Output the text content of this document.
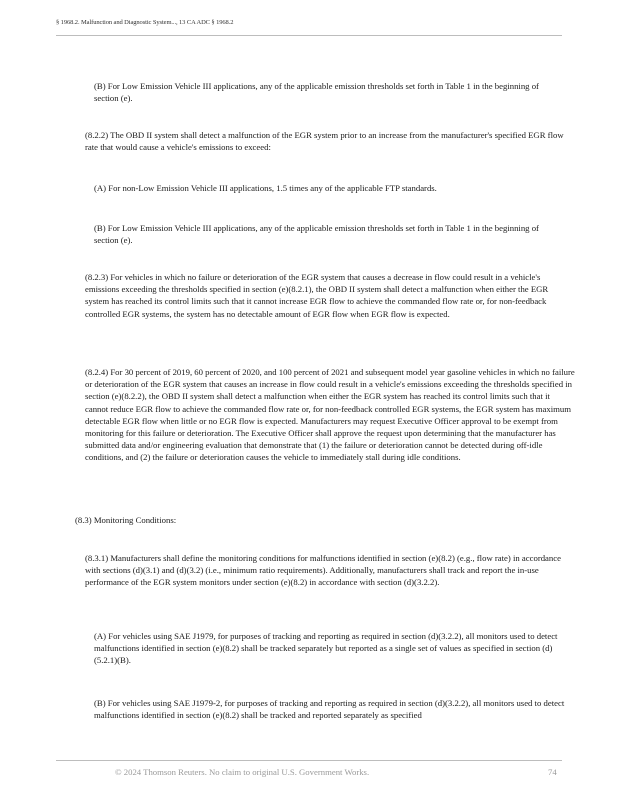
§ 1968.2. Malfunction and Diagnostic System..., 13 CA ADC § 1968.2

(B) For Low Emission Vehicle III applications, any of the applicable emission thresholds set forth in Table 1 in the beginning of section (e).

(8.2.2) The OBD II system shall detect a malfunction of the EGR system prior to an increase from the manufacturer's specified EGR flow rate that would cause a vehicle's emissions to exceed:

(A) For non-Low Emission Vehicle III applications, 1.5 times any of the applicable FTP standards.

(B) For Low Emission Vehicle III applications, any of the applicable emission thresholds set forth in Table 1 in the beginning of section (e).

(8.2.3) For vehicles in which no failure or deterioration of the EGR system that causes a decrease in flow could result in a vehicle's emissions exceeding the thresholds specified in section (e)(8.2.1), the OBD II system shall detect a malfunction when either the EGR system has reached its control limits such that it cannot increase EGR flow to achieve the commanded flow rate or, for non-feedback controlled EGR systems, the system has no detectable amount of EGR flow when EGR flow is expected.

(8.2.4) For 30 percent of 2019, 60 percent of 2020, and 100 percent of 2021 and subsequent model year gasoline vehicles in which no failure or deterioration of the EGR system that causes an increase in flow could result in a vehicle's emissions exceeding the thresholds specified in section (e)(8.2.2), the OBD II system shall detect a malfunction when either the EGR system has reached its control limits such that it cannot reduce EGR flow to achieve the commanded flow rate or, for non-feedback controlled EGR systems, the EGR system has maximum detectable EGR flow when little or no EGR flow is expected. Manufacturers may request Executive Officer approval to be exempt from monitoring for this failure or deterioration. The Executive Officer shall approve the request upon determining that the manufacturer has submitted data and/or engineering evaluation that demonstrate that (1) the failure or deterioration cannot be detected during off-idle conditions, and (2) the failure or deterioration causes the vehicle to immediately stall during idle conditions.

(8.3) Monitoring Conditions:

(8.3.1) Manufacturers shall define the monitoring conditions for malfunctions identified in section (e)(8.2) (e.g., flow rate) in accordance with sections (d)(3.1) and (d)(3.2) (i.e., minimum ratio requirements). Additionally, manufacturers shall track and report the in-use performance of the EGR system monitors under section (e)(8.2) in accordance with section (d)(3.2.2).

(A) For vehicles using SAE J1979, for purposes of tracking and reporting as required in section (d)(3.2.2), all monitors used to detect malfunctions identified in section (e)(8.2) shall be tracked separately but reported as a single set of values as specified in section (d)(5.2.1)(B).

(B) For vehicles using SAE J1979-2, for purposes of tracking and reporting as required in section (d)(3.2.2), all monitors used to detect malfunctions identified in section (e)(8.2) shall be tracked and reported separately as specified

© 2024 Thomson Reuters. No claim to original U.S. Government Works.	74
